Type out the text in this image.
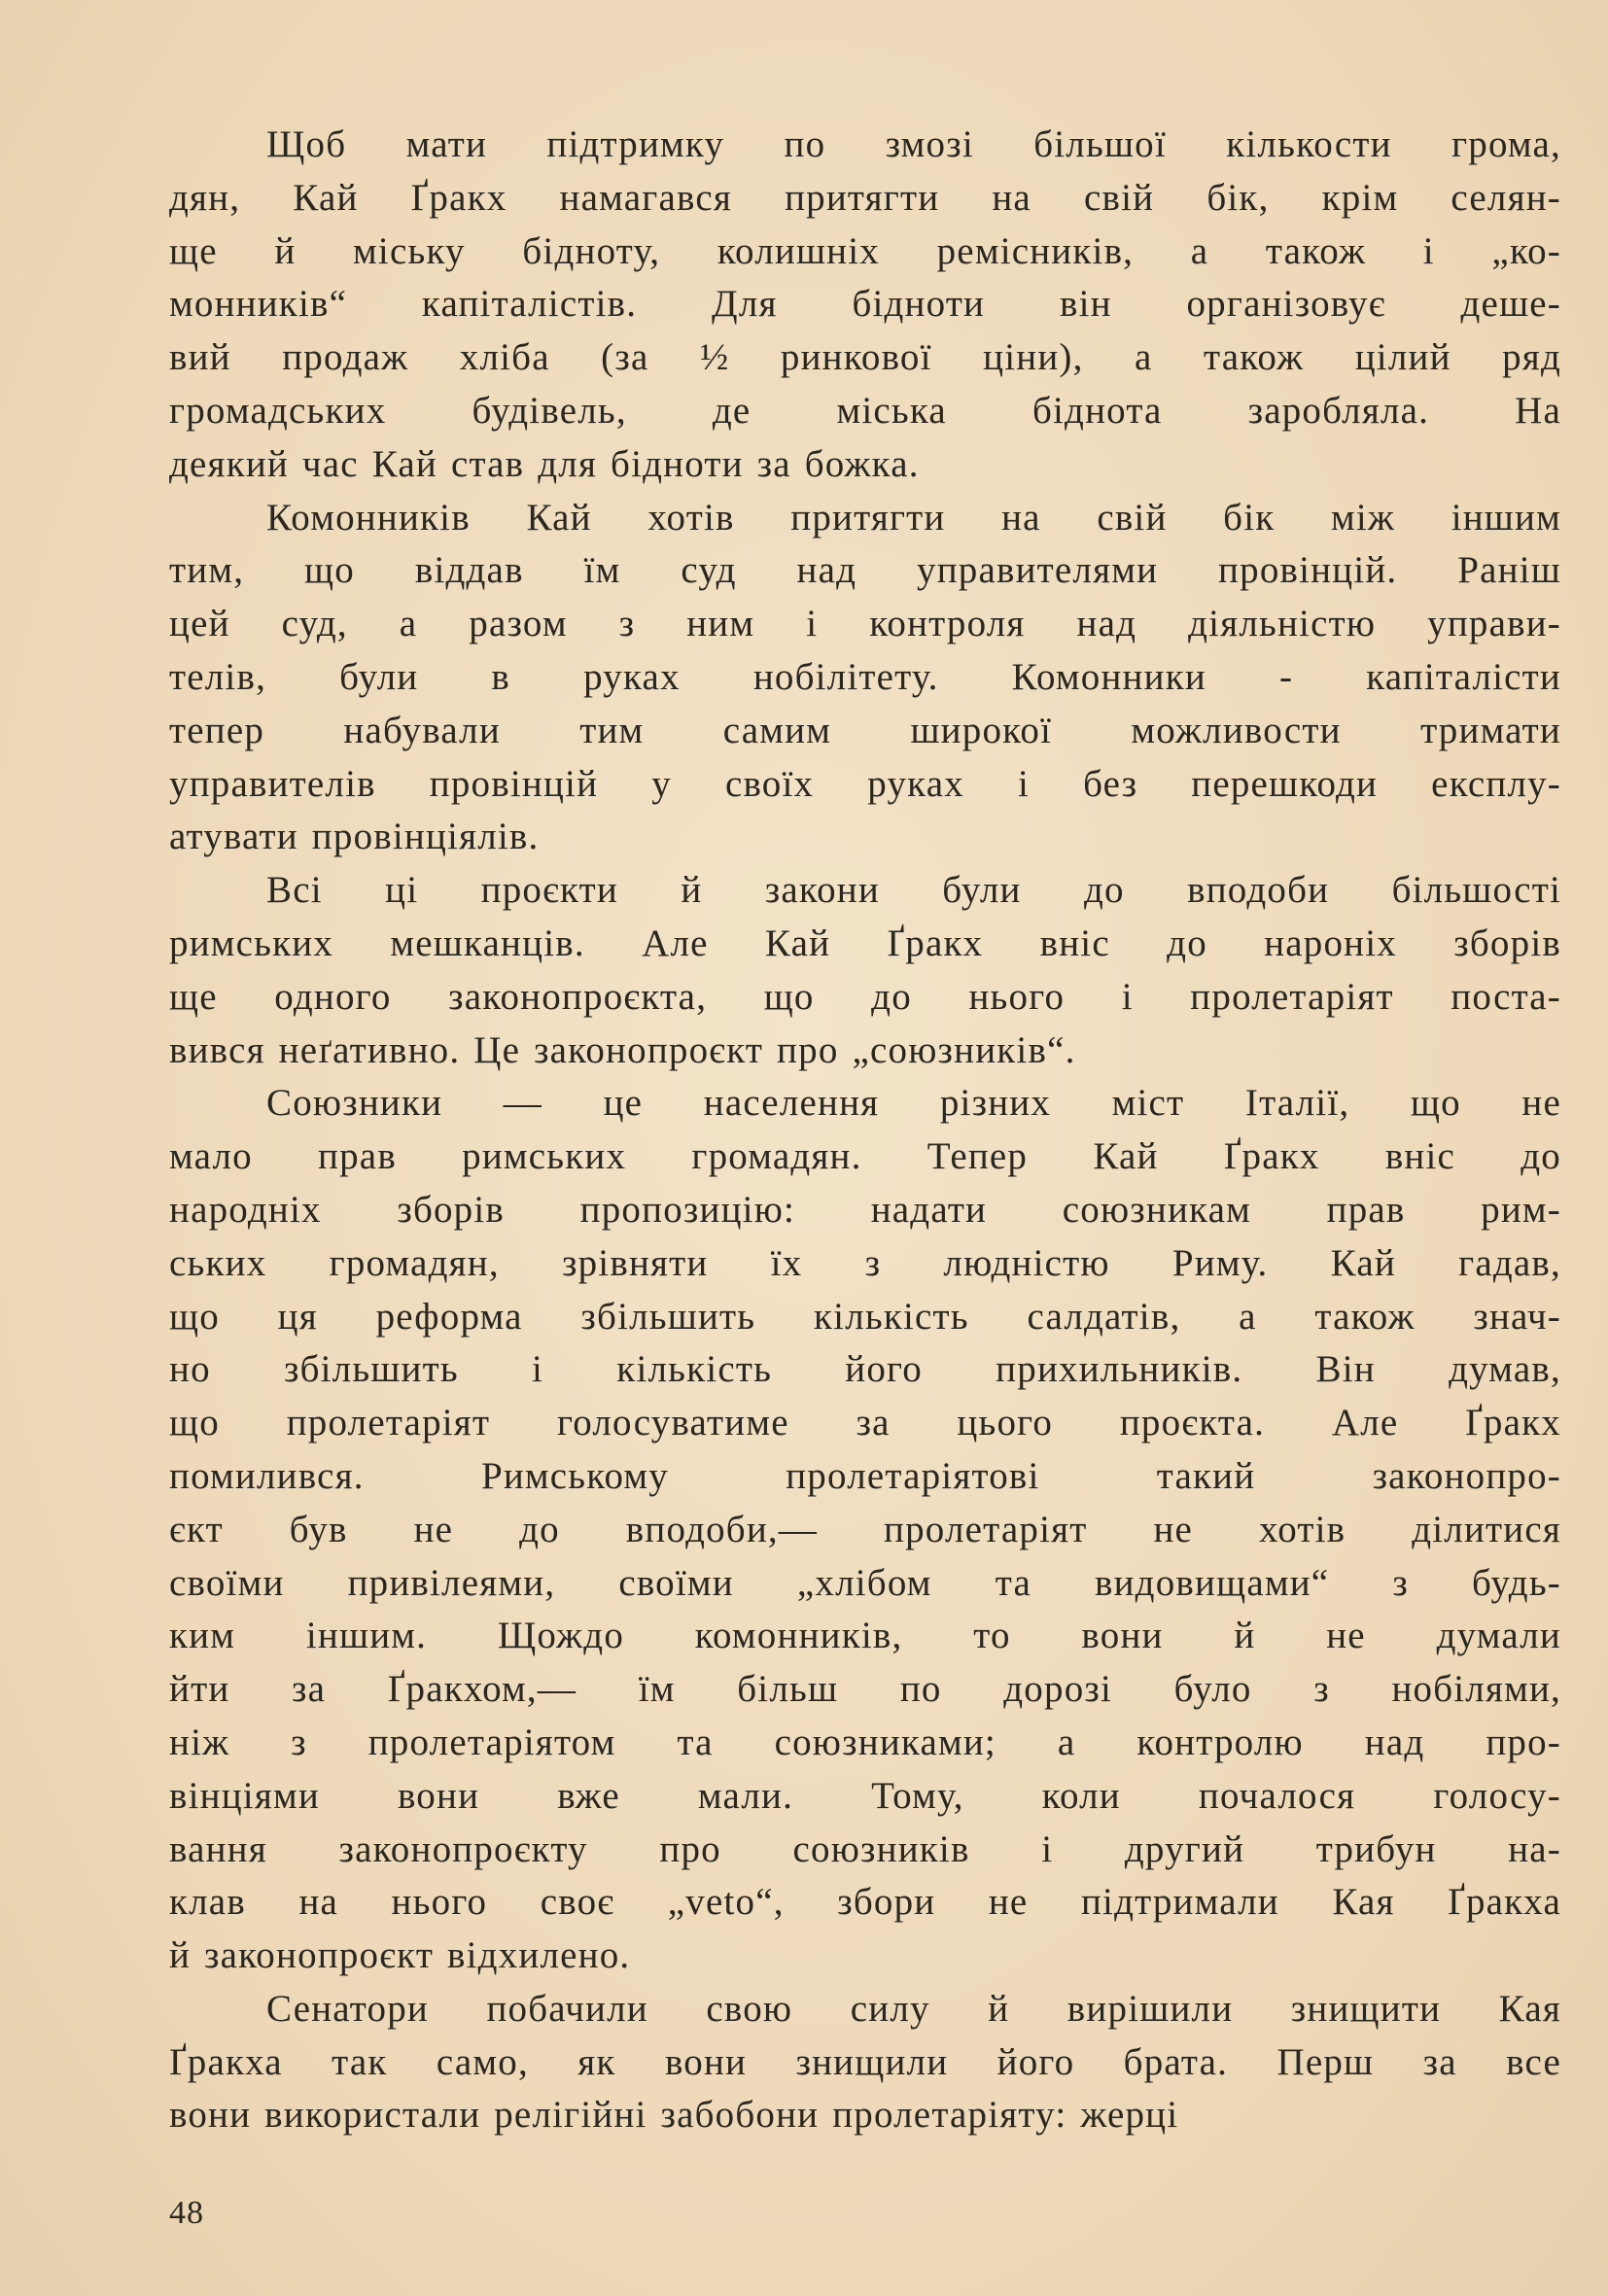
Щоб мати підтримку по змозі більшої кількости грома,
дян, Кай Ґракх намагався притягти на свій бік, крім селян-
ще й міську бідноту, колишніх ремісників, а також і „ко-
монників“ капіталістів. Для бідноти він організовує деше-
вий продаж хліба (за ½ ринкової ціни), а також цілий ряд
громадських будівель, де міська біднота заробляла. На
деякий час Кай став для бідноти за божка.
Комонників Кай хотів притягти на свій бік між іншим
тим, що віддав їм суд над управителями провінцій. Раніш
цей суд, а разом з ним і контроля над діяльністю управи-
телів, були в руках нобілітету. Комонники - капіталісти
тепер набували тим самим широкої можливости тримати
управителів провінцій у своїх руках і без перешкоди експлу-
атувати провінціялів.
Всі ці проєкти й закони були до вподоби більшості
римських мешканців. Але Кай Ґракх вніс до нароніх зборів
ще одного законопроєкта, що до нього і пролетаріят поста-
вився неґативно. Це законопроєкт про „союзників“.
Союзники — це населення різних міст Італії, що не
мало прав римських громадян. Тепер Кай Ґракх вніс до
народніх зборів пропозицію: надати союзникам прав рим-
ських громадян, зрівняти їх з людністю Риму. Кай гадав,
що ця реформа збільшить кількість салдатів, а також знач-
но збільшить і кількість його прихильників. Він думав,
що пролетаріят голосуватиме за цього проєкта. Але Ґракх
помилився. Римському пролетаріятові такий законопро-
єкт був не до вподоби,— пролетаріят не хотів ділитися
своїми привілеями, своїми „хлібом та видовищами“ з будь-
ким іншим. Щождо комонників, то вони й не думали
йти за Ґракхом,— їм більш по дорозі було з нобілями,
ніж з пролетаріятом та союзниками; а контролю над про-
вінціями вони вже мали. Тому, коли почалося голосу-
вання законопроєкту про союзників і другий трибун на-
клав на нього своє „veto“, збори не підтримали Кая Ґракха
й законопроєкт відхилено.
Сенатори побачили свою силу й вирішили знищити Кая
Ґракха так само, як вони знищили його брата. Перш за все
вони використали релігійні забобони пролетаріяту: жерці
48
